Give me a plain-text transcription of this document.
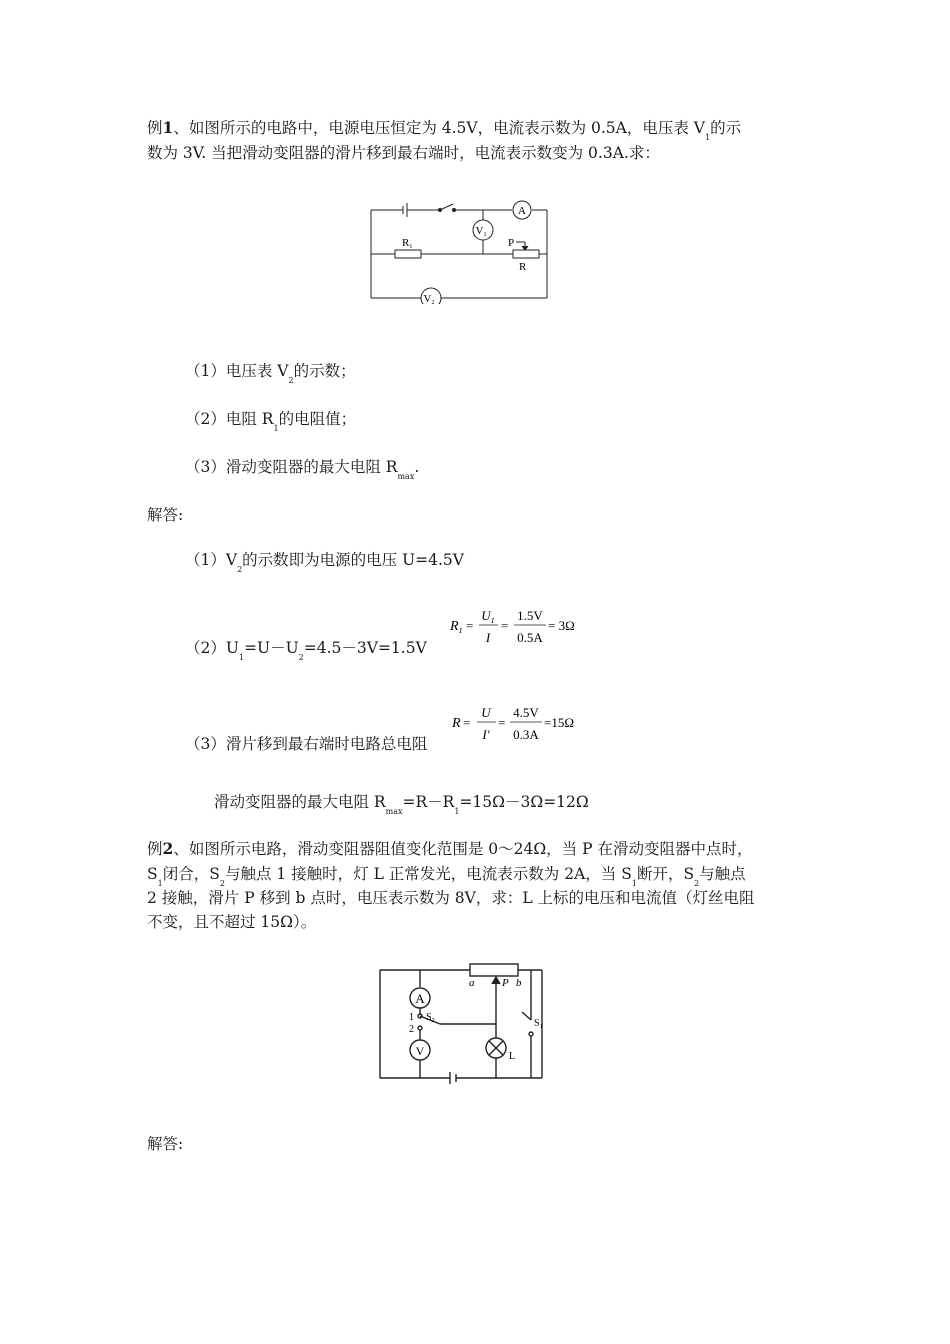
例1、如图所示的电路中，电源电压恒定为 4.5V，电流表示数为 0.5A，电压表 $V_1$的示
数为 3V. 当把滑动变阻器的滑片移到最右端时，电流表示数变为 0.3A.求：
A
V1
V2
R1	P
R
（1）电压表 $V_2$的示数；
（2）电阻 $R_1$的电阻值；
（3）滑动变阻器的最大电阻 $R_{max}$.
解答:
$(1)V_2$的示数即为电源的电压 U=4.5V
$R_1$ =
$U_1$
I
=
1.5V
0.5A
= 3Ω
$(2)U_1=U-U_2=4.5-3V=1.5V$
R =
U
I′
=
4.5V
0.3A
=15Ω
（3）滑片移到最右端时电路总电阻
滑动变阻器的最大电阻 $R_{max}=R-R_1=15\Omega-3\Omega=12\Omega$
例2、如图所示电路，滑动变阻器阻值变化范围是 0～24Ω，当 P 在滑动变阻器中点时，
$S_1$闭合，$S_2$与触点 1 接触时，灯 L 正常发光，电流表示数为 2A，当 $S_1$断开，$S_2$与触点
2 接触，滑片 P 移到 b 点时，电压表示数为 8V，求：L 上标的电压和电流值（灯丝电阻
不变，且不超过 15Ω）。
a	P b
A
V
1
2
$S_2$	$S_1$
L
解答:
